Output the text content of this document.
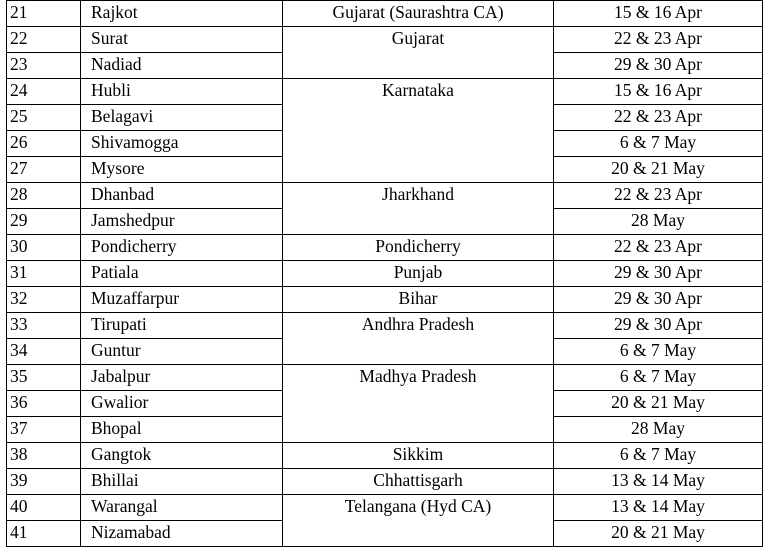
21	Rajkot	Gujarat (Saurashtra CA)	15 & 16 Apr
22	Surat	Gujarat	22 & 23 Apr
23	Nadiad		29 & 30 Apr
24	Hubli	Karnataka	15 & 16 Apr
25	Belagavi		22 & 23 Apr
26	Shivamogga		6 & 7 May
27	Mysore		20 & 21 May
28	Dhanbad	Jharkhand	22 & 23 Apr
29	Jamshedpur		28 May
30	Pondicherry	Pondicherry	22 & 23 Apr
31	Patiala	Punjab	29 & 30 Apr
32	Muzaffarpur	Bihar	29 & 30 Apr
33	Tirupati	Andhra Pradesh	29 & 30 Apr
34	Guntur		6 & 7 May
35	Jabalpur	Madhya Pradesh	6 & 7 May
36	Gwalior		20 & 21 May
37	Bhopal		28 May
38	Gangtok	Sikkim	6 & 7 May
39	Bhillai	Chhattisgarh	13 & 14 May
40	Warangal	Telangana (Hyd CA)	13 & 14 May
41	Nizamabad		20 & 21 May
